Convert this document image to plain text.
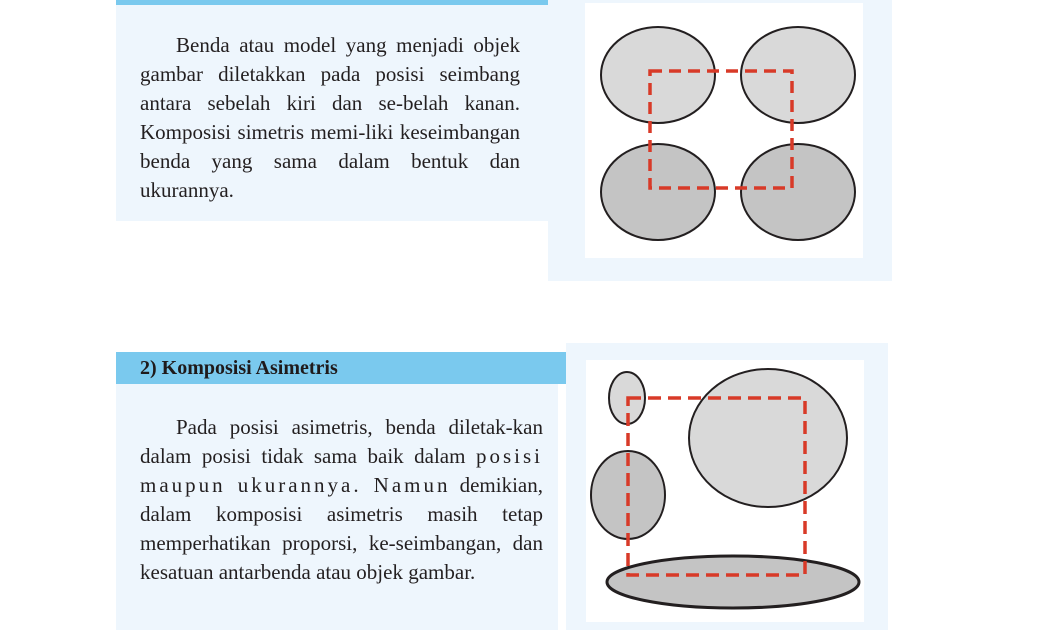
Benda atau model yang menjadi objek gambar diletakkan pada posisi seimbang antara sebelah kiri dan se-belah kanan. Komposisi simetris memi-liki keseimbangan benda yang sama dalam bentuk dan ukurannya.

2) Komposisi Asimetris

Pada posisi asimetris, benda diletak-kan dalam posisi tidak sama baik dalam posisi maupun ukurannya. Namun demikian, dalam komposisi asimetris masih tetap memperhatikan proporsi, ke-seimbangan, dan kesatuan antarbenda atau objek gambar.
